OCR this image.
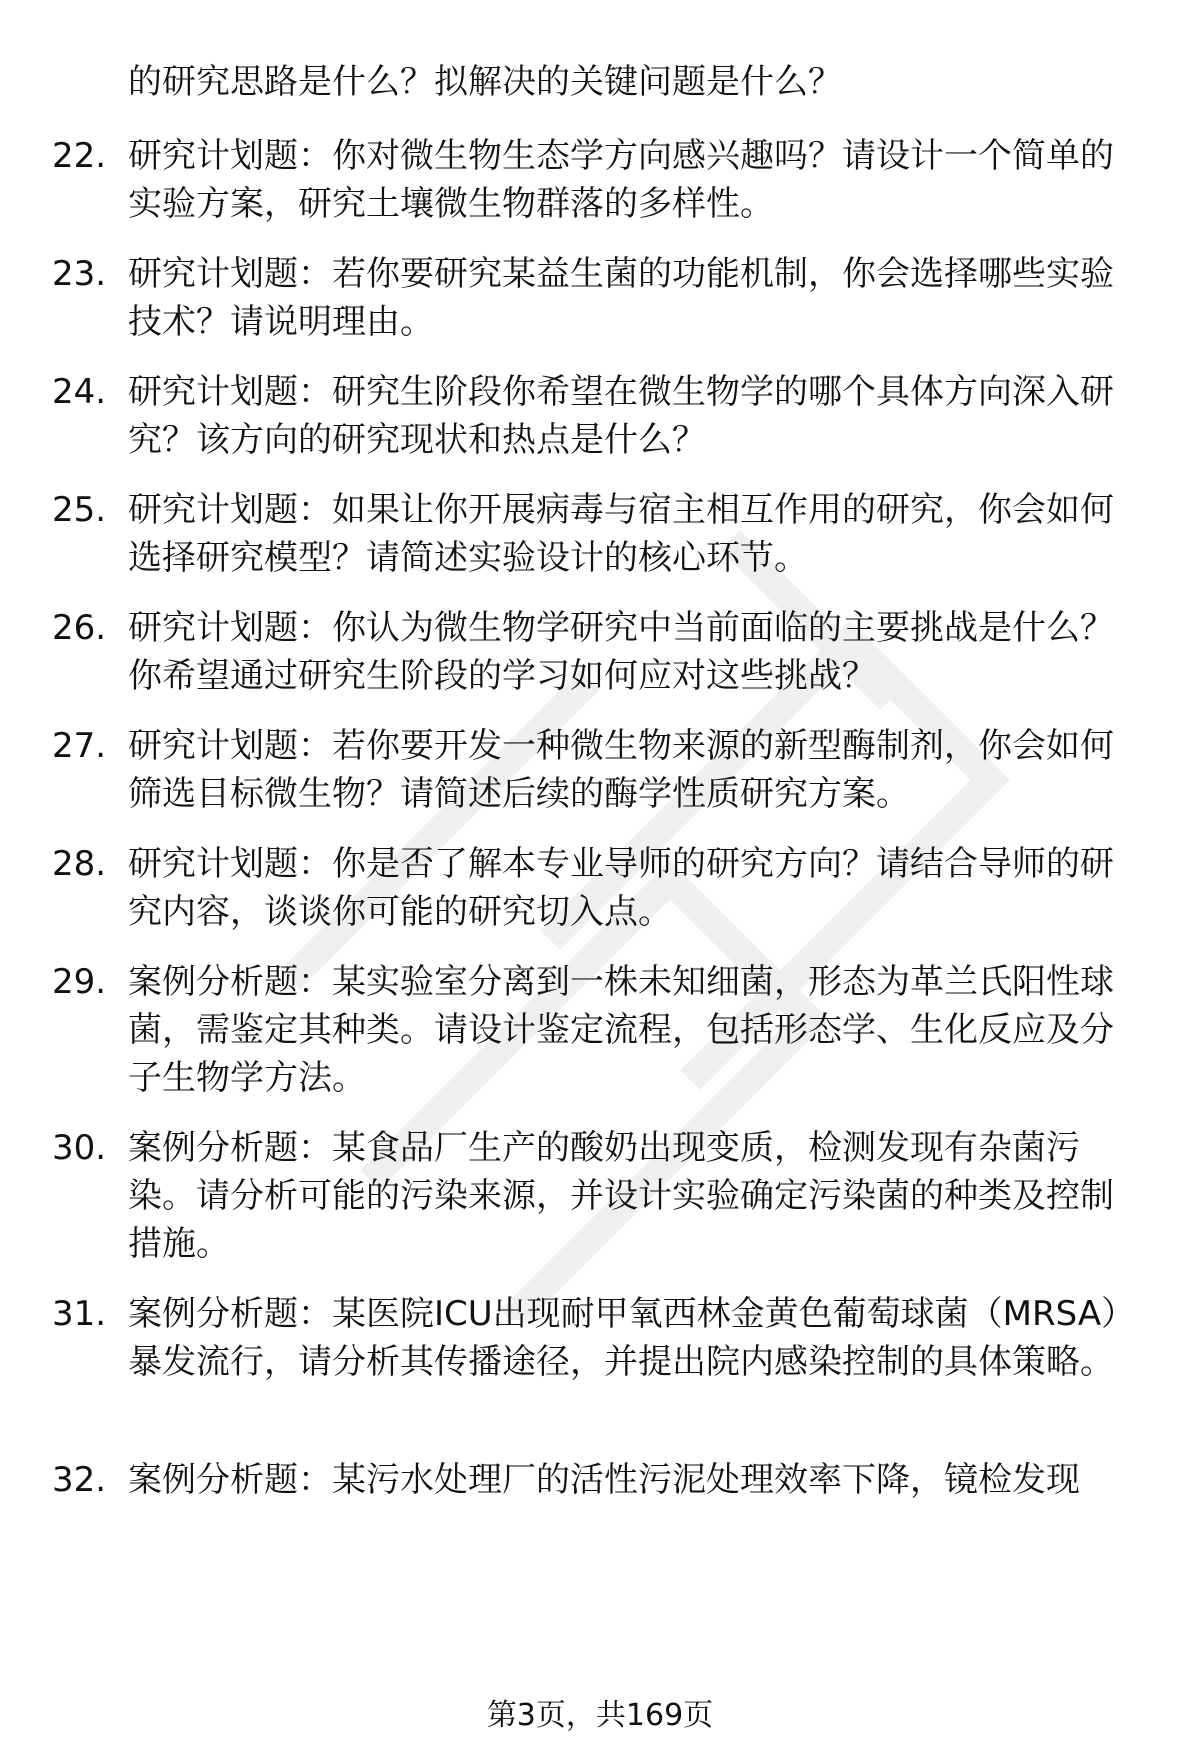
的研究思路是什么？拟解决的关键问题是什么？

22. 研究计划题：你对微生物生态学方向感兴趣吗？请设计一个简单的实验方案，研究土壤微生物群落的多样性。

23. 研究计划题：若你要研究某益生菌的功能机制，你会选择哪些实验技术？请说明理由。

24. 研究计划题：研究生阶段你希望在微生物学的哪个具体方向深入研究？该方向的研究现状和热点是什么？

25. 研究计划题：如果让你开展病毒与宿主相互作用的研究，你会如何选择研究模型？请简述实验设计的核心环节。

26. 研究计划题：你认为微生物学研究中当前面临的主要挑战是什么？你希望通过研究生阶段的学习如何应对这些挑战？

27. 研究计划题：若你要开发一种微生物来源的新型酶制剂，你会如何筛选目标微生物？请简述后续的酶学性质研究方案。

28. 研究计划题：你是否了解本专业导师的研究方向？请结合导师的研究内容，谈谈你可能的研究切入点。

29. 案例分析题：某实验室分离到一株未知细菌，形态为革兰氏阳性球菌，需鉴定其种类。请设计鉴定流程，包括形态学、生化反应及分子生物学方法。

30. 案例分析题：某食品厂生产的酸奶出现变质，检测发现有杂菌污染。请分析可能的污染来源，并设计实验确定污染菌的种类及控制措施。

31. 案例分析题：某医院ICU出现耐甲氧西林金黄色葡萄球菌（MRSA）暴发流行，请分析其传播途径，并提出院内感染控制的具体策略。

32. 案例分析题：某污水处理厂的活性污泥处理效率下降，镜检发现

第3页，共169页
